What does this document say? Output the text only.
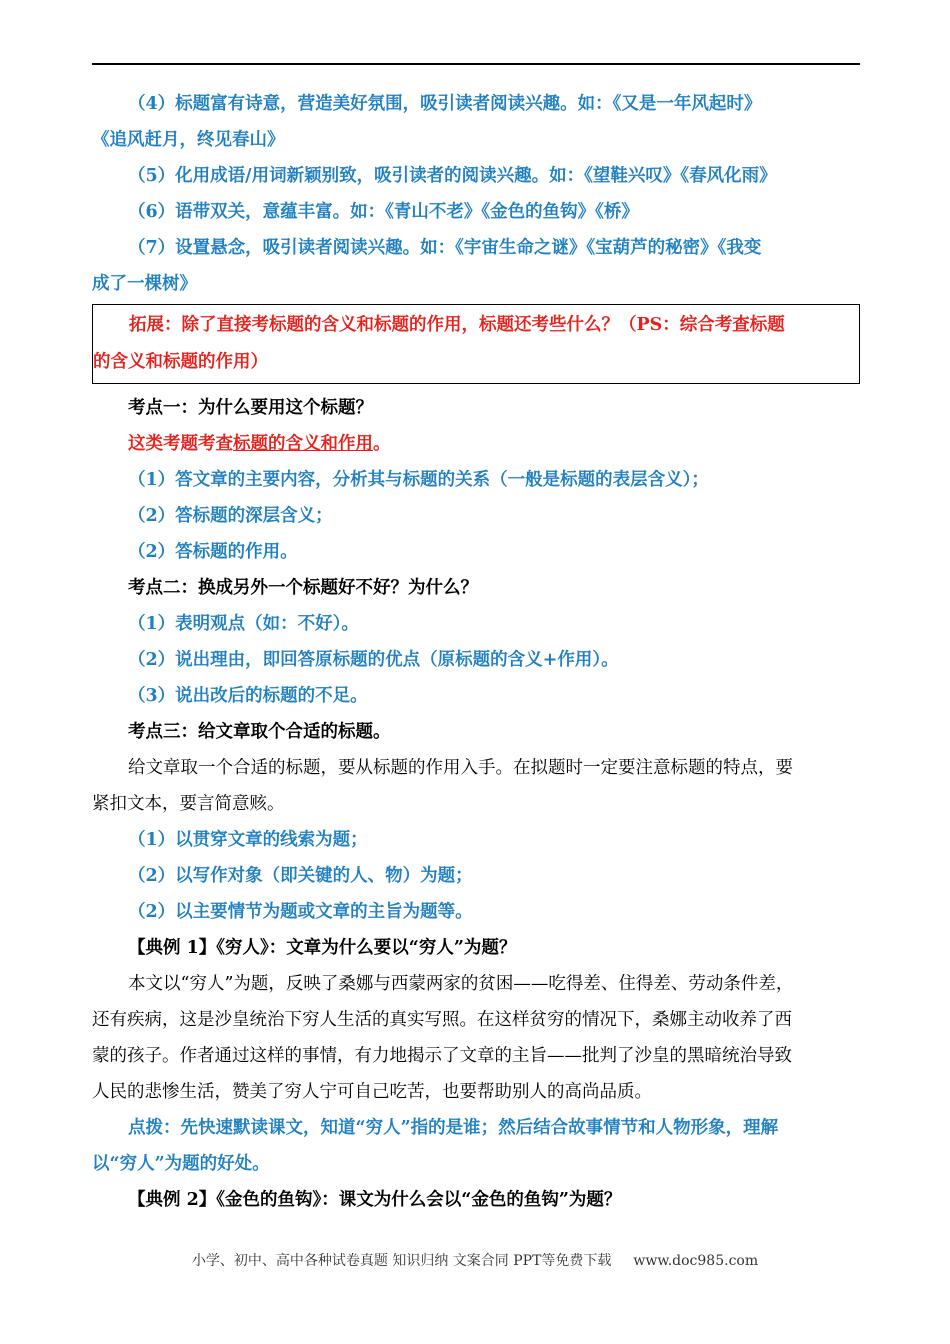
（4）标题富有诗意，营造美好氛围，吸引读者阅读兴趣。如：《又是一年风起时》
《追风赶月，终见春山》
（5）化用成语/用词新颖别致，吸引读者的阅读兴趣。如：《望鞋兴叹》《春风化雨》
（6）语带双关，意蕴丰富。如：《青山不老》《金色的鱼钩》《桥》
（7）设置悬念，吸引读者阅读兴趣。如：《宇宙生命之谜》《宝葫芦的秘密》《我变
成了一棵树》
拓展：除了直接考标题的含义和标题的作用，标题还考些什么？（PS：综合考查标题
的含义和标题的作用）
考点一：为什么要用这个标题？
这类考题考查标题的含义和作用。
（1）答文章的主要内容，分析其与标题的关系（一般是标题的表层含义）；
（2）答标题的深层含义；
（2）答标题的作用。
考点二：换成另外一个标题好不好？为什么？
（1）表明观点（如：不好）。
（2）说出理由，即回答原标题的优点（原标题的含义+作用）。
（3）说出改后的标题的不足。
考点三：给文章取个合适的标题。
给文章取一个合适的标题，要从标题的作用入手。在拟题时一定要注意标题的特点，要
紧扣文本，要言简意赅。
（1）以贯穿文章的线索为题；
（2）以写作对象（即关键的人、物）为题；
（2）以主要情节为题或文章的主旨为题等。
【典例 1】《穷人》：文章为什么要以“穷人”为题？
本文以“穷人”为题，反映了桑娜与西蒙两家的贫困——吃得差、住得差、劳动条件差，
还有疾病，这是沙皇统治下穷人生活的真实写照。在这样贫穷的情况下，桑娜主动收养了西
蒙的孩子。作者通过这样的事情，有力地揭示了文章的主旨——批判了沙皇的黑暗统治导致
人民的悲惨生活，赞美了穷人宁可自己吃苦，也要帮助别人的高尚品质。
点拨：先快速默读课文，知道“穷人”指的是谁；然后结合故事情节和人物形象，理解
以“穷人”为题的好处。
【典例 2】《金色的鱼钩》：课文为什么会以“金色的鱼钩”为题？
小学、初中、高中各种试卷真题 知识归纳 文案合同 PPT等免费下载 www.doc985.com
